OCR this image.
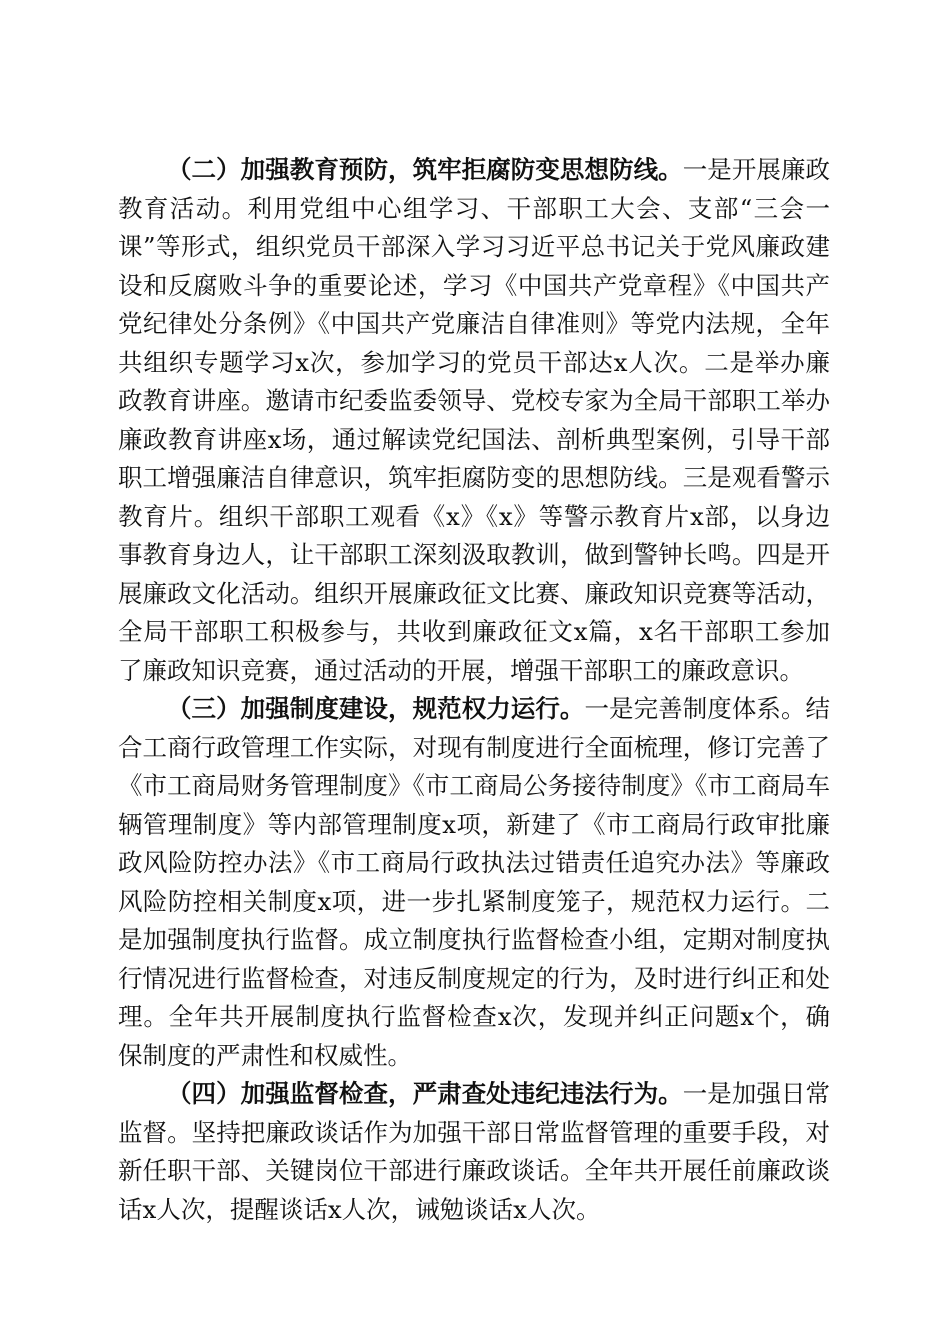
（二）加强教育预防，筑牢拒腐防变思想防线。一是开展廉政教育活动。利用党组中心组学习、干部职工大会、支部“三会一课”等形式，组织党员干部深入学习习近平总书记关于党风廉政建设和反腐败斗争的重要论述，学习《中国共产党章程》《中国共产党纪律处分条例》《中国共产党廉洁自律准则》等党内法规，全年共组织专题学习x次，参加学习的党员干部达x人次。二是举办廉政教育讲座。邀请市纪委监委领导、党校专家为全局干部职工举办廉政教育讲座x场，通过解读党纪国法、剖析典型案例，引导干部职工增强廉洁自律意识，筑牢拒腐防变的思想防线。三是观看警示教育片。组织干部职工观看《x》《x》等警示教育片x部，以身边事教育身边人，让干部职工深刻汲取教训，做到警钟长鸣。四是开展廉政文化活动。组织开展廉政征文比赛、廉政知识竞赛等活动，全局干部职工积极参与，共收到廉政征文x篇，x名干部职工参加了廉政知识竞赛，通过活动的开展，增强干部职工的廉政意识。

（三）加强制度建设，规范权力运行。一是完善制度体系。结合工商行政管理工作实际，对现有制度进行全面梳理，修订完善了《市工商局财务管理制度》《市工商局公务接待制度》《市工商局车辆管理制度》等内部管理制度x项，新建了《市工商局行政审批廉政风险防控办法》《市工商局行政执法过错责任追究办法》等廉政风险防控相关制度x项，进一步扎紧制度笼子，规范权力运行。二是加强制度执行监督。成立制度执行监督检查小组，定期对制度执行情况进行监督检查，对违反制度规定的行为，及时进行纠正和处理。全年共开展制度执行监督检查x次，发现并纠正问题x个，确保制度的严肃性和权威性。

（四）加强监督检查，严肃查处违纪违法行为。一是加强日常监督。坚持把廉政谈话作为加强干部日常监督管理的重要手段，对新任职干部、关键岗位干部进行廉政谈话。全年共开展任前廉政谈话x人次，提醒谈话x人次，诫勉谈话x人次。
